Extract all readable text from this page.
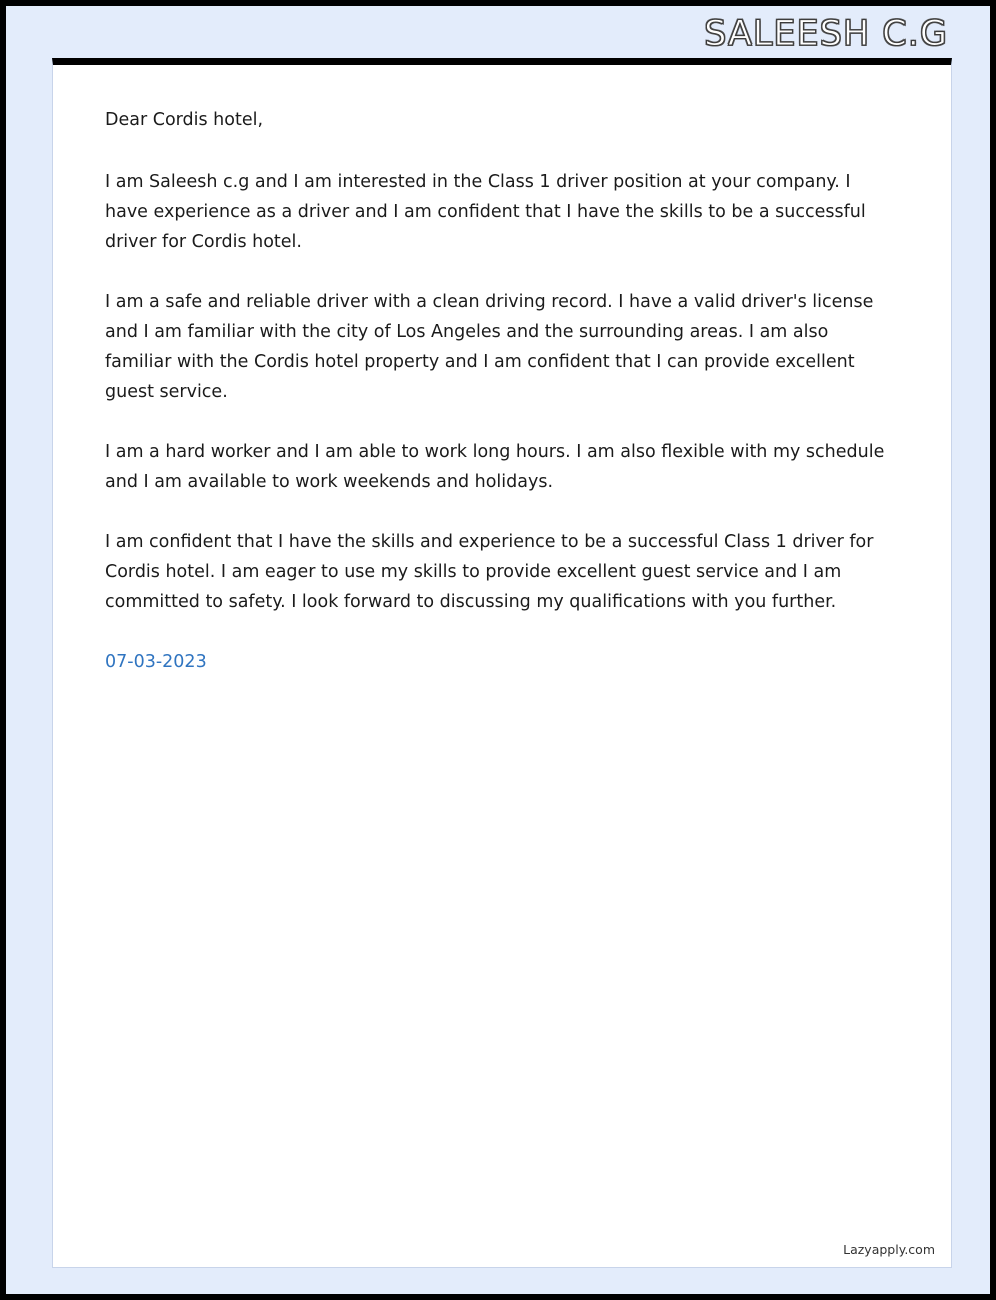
SALEESH C.G

Dear Cordis hotel,

I am Saleesh c.g and I am interested in the Class 1 driver position at your company. I have experience as a driver and I am confident that I have the skills to be a successful driver for Cordis hotel.

I am a safe and reliable driver with a clean driving record. I have a valid driver's license and I am familiar with the city of Los Angeles and the surrounding areas. I am also familiar with the Cordis hotel property and I am confident that I can provide excellent guest service.

I am a hard worker and I am able to work long hours. I am also flexible with my schedule and I am available to work weekends and holidays.

I am confident that I have the skills and experience to be a successful Class 1 driver for Cordis hotel. I am eager to use my skills to provide excellent guest service and I am committed to safety. I look forward to discussing my qualifications with you further.

07-03-2023

Lazyapply.com
